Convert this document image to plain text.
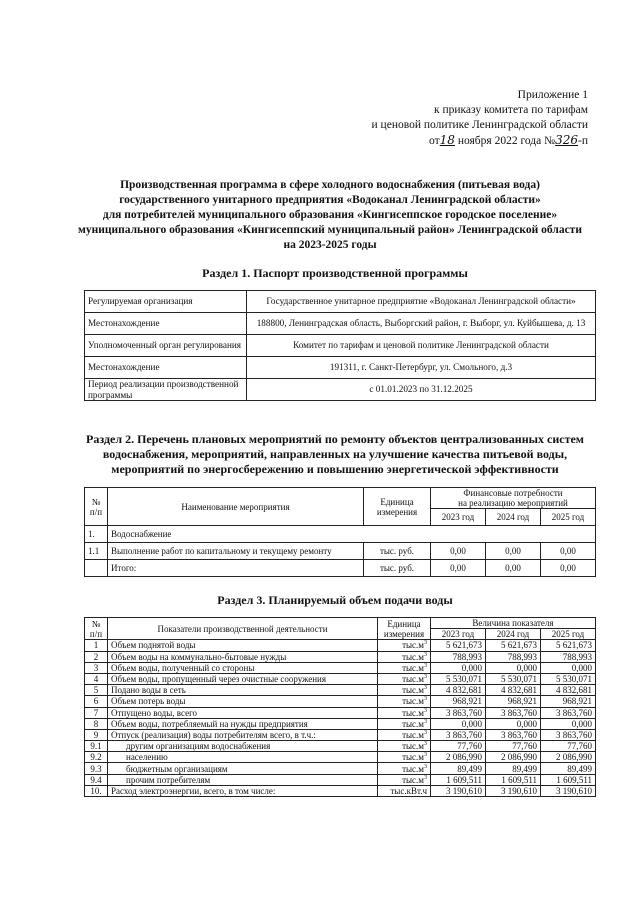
Приложение 1
к приказу комитета по тарифам
и ценовой политике Ленинградской области
от18 ноября 2022 года №326-п
Производственная программа в сфере холодного водоснабжения (питьевая вода)
государственного унитарного предприятия «Водоканал Ленинградской области»
для потребителей муниципального образования «Кингисеппское городское поселение»
муниципального образования «Кингисеппский муниципальный район» Ленинградской области
на 2023-2025 годы
Раздел 1. Паспорт производственной программы
Регулируемая организация	Государственное унитарное предприятие «Водоканал Ленинградской области»
Местонахождение	188800, Ленинградская область, Выборгский район, г. Выборг, ул. Куйбышева, д. 13
Уполномоченный орган регулирования	Комитет по тарифам и ценовой политике Ленинградской области
Местонахождение	191311, г. Санкт-Петербург, ул. Смольного, д.3
Период реализации производственной программы	с 01.01.2023 по 31.12.2025
Раздел 2. Перечень плановых мероприятий по ремонту объектов централизованных систем
водоснабжения, мероприятий, направленных на улучшение качества питьевой воды,
мероприятий по энергосбережению и повышению энергетической эффективности
№ п/п	Наименование мероприятия	Единица измерения	Финансовые потребности
на реализацию мероприятий		

			2023 год	2024 год	2025 год
1.	Водоснабжение				
1.1	Выполнение работ по капитальному и текущему ремонту	тыс. руб.	0,00	0,00	0,00
	Итого:	тыс. руб.	0,00	0,00	0,00
Раздел 3. Планируемый объем подачи воды
№ п/п	Показатели производственной деятельности	Единица измерения	Величина показателя		
			2023 год	2024 год	2025 год
1	Объем поднятой воды	$тыс.м^3$	5 621,673	5 621,673	5 621,673
2	Объем воды на коммунально-бытовые нужды	$тыс.м^3$	788,993	788,993	788,993
3	Объем воды, полученный со стороны	$тыс.м^3$	0,000	0,000	0,000
4	Объем воды, пропущенный через очистные сооружения	$тыс.м^3$	5 530,071	5 530,071	5 530,071
5	Подано воды в сеть	$тыс.м^3$	4 832,681	4 832,681	4 832,681
6	Объем потерь воды	$тыс.м^3$	968,921	968,921	968,921
7	Отпущено воды, всего	$тыс.м^3$	3 863,760	3 863,760	3 863,760
8	Объем воды, потребляемый на нужды предприятия	$тыс.м^3$	0,000	0,000	0,000
9	Отпуск (реализация) воды потребителям всего, в т.ч.:	$тыс.м^3$	3 863,760	3 863,760	3 863,760
9.1	другим организациям водоснабжения	$тыс.м^3$	77,760	77,760	77,760
9.2	населению	$тыс.м^3$	2 086,990	2 086,990	2 086,990
9.3	бюджетным организациям	$тыс.м^3$	89,499	89,499	89,499
9.4	прочим потребителям	$тыс.м^3$	1 609,511	1 609,511	1 609,511
10.	Расход электроэнергии, всего, в том числе:	тыс.кВт.ч	3 190,610	3 190,610	3 190,610
